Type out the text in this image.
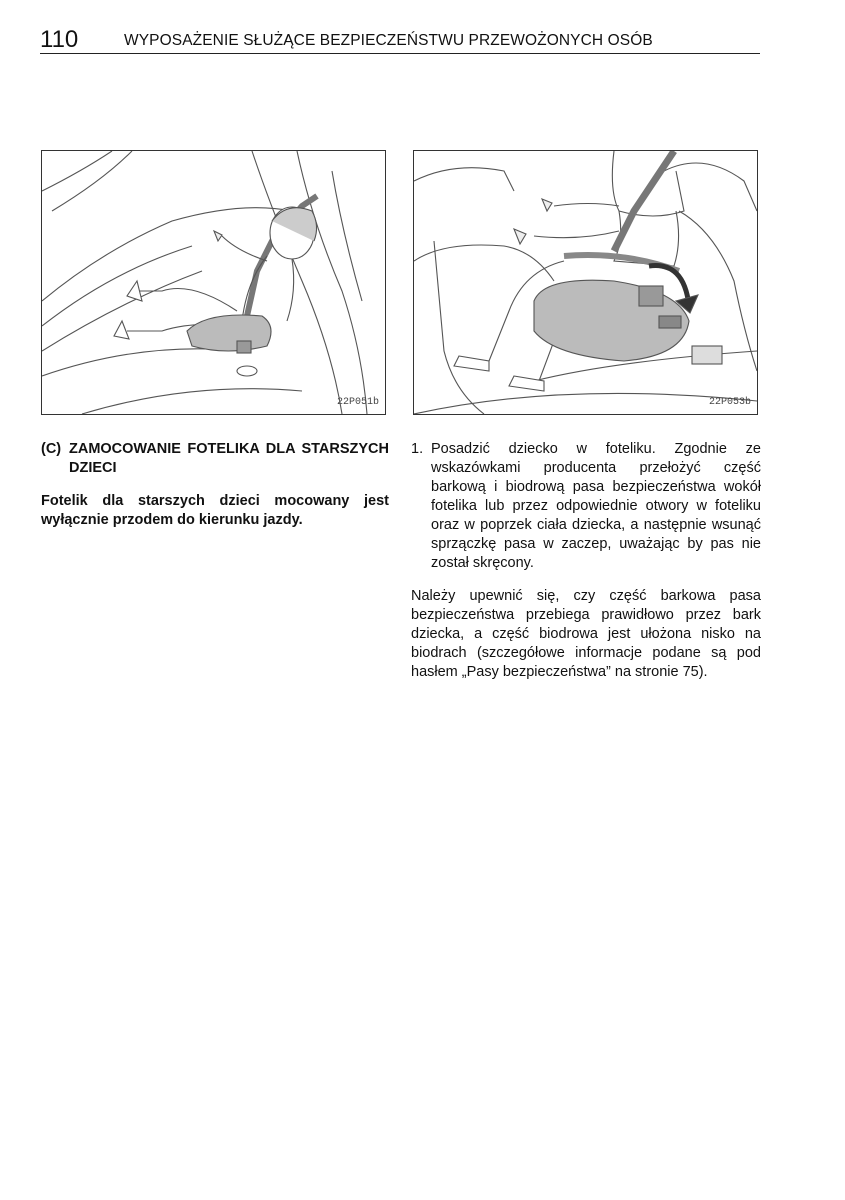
110	WYPOSAŻENIE SŁUŻĄCE BEZPIECZEŃSTWU PRZEWOŻONYCH OSÓB
22P051b	22P053b
(C) ZAMOCOWANIE FOTELIKA DLA STARSZYCH DZIECI
Fotelik dla starszych dzieci mocowany jest wyłącznie przodem do kierunku jazdy.
1. Posadzić dziecko w foteliku. Zgodnie ze wskazówkami producenta przełożyć część barkową i biodrową pasa bezpieczeństwa wokół fotelika lub przez odpowiednie otwory w foteliku oraz w poprzek ciała dziecka, a następnie wsunąć sprzączkę pasa w zaczep, uważając by pas nie został skręcony.
Należy upewnić się, czy część barkowa pasa bezpieczeństwa przebiega prawidłowo przez bark dziecka, a część biodrowa jest ułożona nisko na biodrach (szczegółowe informacje podane są pod hasłem „Pasy bezpieczeństwa” na stronie 75).
